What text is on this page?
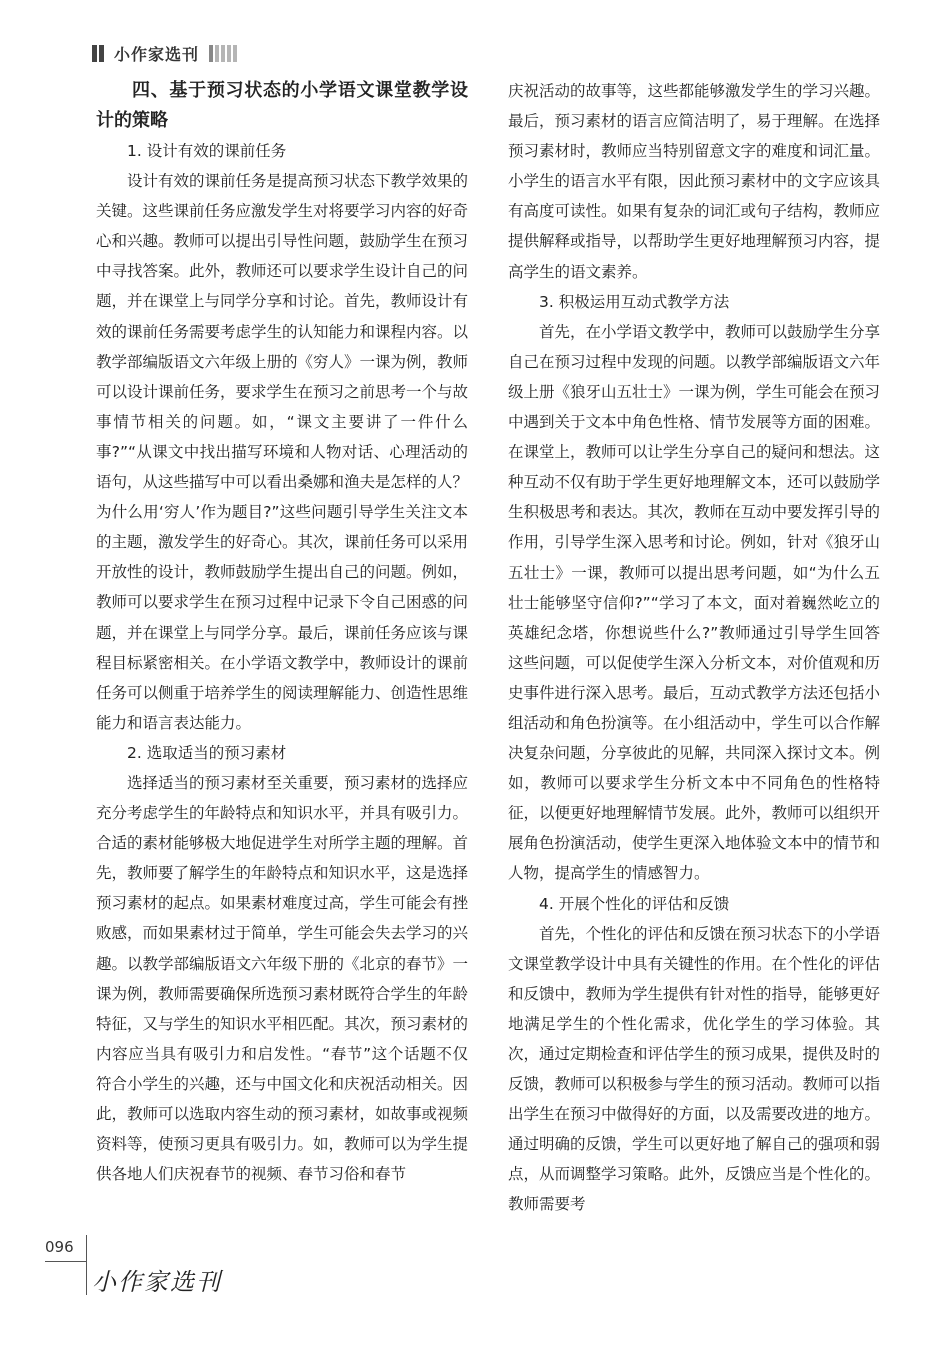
小作家选刊
四、基于预习状态的小学语文课堂教学设计的策略
1. 设计有效的课前任务

设计有效的课前任务是提高预习状态下教学效果的关键。这些课前任务应激发学生对将要学习内容的好奇心和兴趣。教师可以提出引导性问题，鼓励学生在预习中寻找答案。此外，教师还可以要求学生设计自己的问题，并在课堂上与同学分享和讨论。首先，教师设计有效的课前任务需要考虑学生的认知能力和课程内容。以教学部编版语文六年级上册的《穷人》一课为例，教师可以设计课前任务，要求学生在预习之前思考一个与故事情节相关的问题。如，“课文主要讲了一件什么事?”“从课文中找出描写环境和人物对话、心理活动的语句，从这些描写中可以看出桑娜和渔夫是怎样的人？为什么用‘穷人’作为题目?”这些问题引导学生关注文本的主题，激发学生的好奇心。其次，课前任务可以采用开放性的设计，教师鼓励学生提出自己的问题。例如，教师可以要求学生在预习过程中记录下令自己困惑的问题，并在课堂上与同学分享。最后，课前任务应该与课程目标紧密相关。在小学语文教学中，教师设计的课前任务可以侧重于培养学生的阅读理解能力、创造性思维能力和语言表达能力。

2. 选取适当的预习素材

选择适当的预习素材至关重要，预习素材的选择应充分考虑学生的年龄特点和知识水平，并具有吸引力。合适的素材能够极大地促进学生对所学主题的理解。首先，教师要了解学生的年龄特点和知识水平，这是选择预习素材的起点。如果素材难度过高，学生可能会有挫败感，而如果素材过于简单，学生可能会失去学习的兴趣。以教学部编版语文六年级下册的《北京的春节》一课为例，教师需要确保所选预习素材既符合学生的年龄特征，又与学生的知识水平相匹配。其次，预习素材的内容应当具有吸引力和启发性。“春节”这个话题不仅符合小学生的兴趣，还与中国文化和庆祝活动相关。因此，教师可以选取内容生动的预习素材，如故事或视频资料等，使预习更具有吸引力。如，教师可以为学生提供各地人们庆祝春节的视频、春节习俗和春节

庆祝活动的故事等，这些都能够激发学生的学习兴趣。最后，预习素材的语言应简洁明了，易于理解。在选择预习素材时，教师应当特别留意文字的难度和词汇量。小学生的语言水平有限，因此预习素材中的文字应该具有高度可读性。如果有复杂的词汇或句子结构，教师应提供解释或指导，以帮助学生更好地理解预习内容，提高学生的语文素养。

3. 积极运用互动式教学方法

首先，在小学语文教学中，教师可以鼓励学生分享自己在预习过程中发现的问题。以教学部编版语文六年级上册《狼牙山五壮士》一课为例，学生可能会在预习中遇到关于文本中角色性格、情节发展等方面的困难。在课堂上，教师可以让学生分享自己的疑问和想法。这种互动不仅有助于学生更好地理解文本，还可以鼓励学生积极思考和表达。其次，教师在互动中要发挥引导的作用，引导学生深入思考和讨论。例如，针对《狼牙山五壮士》一课，教师可以提出思考问题，如“为什么五壮士能够坚守信仰?”“学习了本文，面对着巍然屹立的英雄纪念塔，你想说些什么?”教师通过引导学生回答这些问题，可以促使学生深入分析文本，对价值观和历史事件进行深入思考。最后，互动式教学方法还包括小组活动和角色扮演等。在小组活动中，学生可以合作解决复杂问题，分享彼此的见解，共同深入探讨文本。例如，教师可以要求学生分析文本中不同角色的性格特征，以便更好地理解情节发展。此外，教师可以组织开展角色扮演活动，使学生更深入地体验文本中的情节和人物，提高学生的情感智力。

4. 开展个性化的评估和反馈

首先，个性化的评估和反馈在预习状态下的小学语文课堂教学设计中具有关键性的作用。在个性化的评估和反馈中，教师为学生提供有针对性的指导，能够更好地满足学生的个性化需求，优化学生的学习体验。其次，通过定期检查和评估学生的预习成果，提供及时的反馈，教师可以积极参与学生的预习活动。教师可以指出学生在预习中做得好的方面，以及需要改进的地方。通过明确的反馈，学生可以更好地了解自己的强项和弱点，从而调整学习策略。此外，反馈应当是个性化的。教师需要考

096
小作家选刊
